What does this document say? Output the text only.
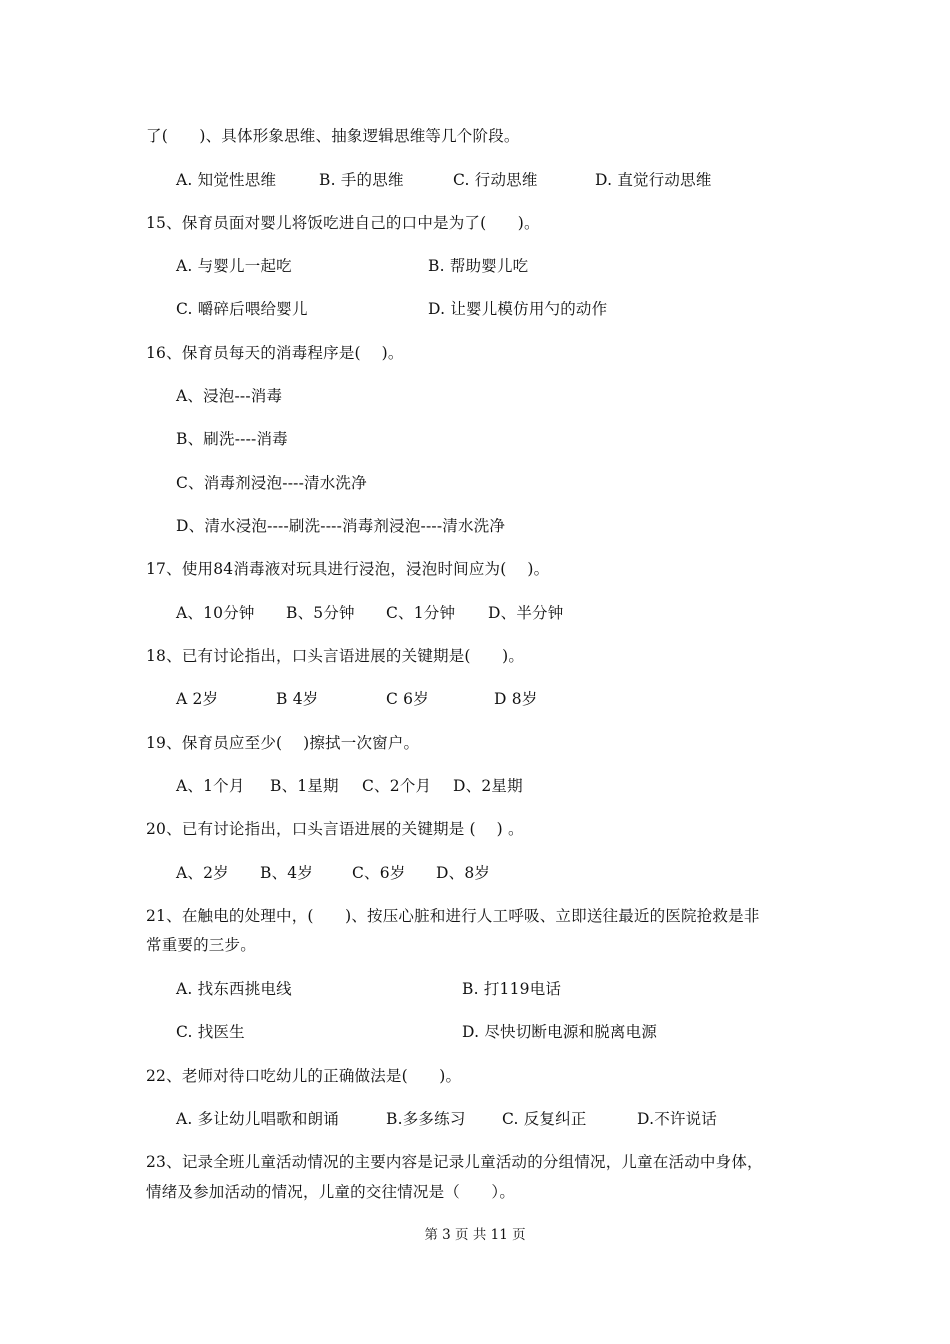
了(　　)、具体形象思维、抽象逻辑思维等几个阶段。
A. 知觉性思维	B. 手的思维	C. 行动思维	D. 直觉行动思维
15、保育员面对婴儿将饭吃进自己的口中是为了(　　)。
A. 与婴儿一起吃	B. 帮助婴儿吃
C. 嚼碎后喂给婴儿	D. 让婴儿模仿用勺的动作
16、保育员每天的消毒程序是(　 )。
A、浸泡---消毒
B、刷洗----消毒
C、消毒剂浸泡----清水洗净
D、清水浸泡----刷洗----消毒剂浸泡----清水洗净
17、使用84消毒液对玩具进行浸泡，浸泡时间应为(　 )。
A、10分钟 B、5分钟 C、1分钟 D、半分钟
18、已有讨论指出，口头言语进展的关键期是(　　)。
A 2岁	B 4岁	C 6岁	D 8岁
19、保育员应至少(　 )擦拭一次窗户。
A、1个月 B、1星期 C、2个月 D、2星期
20、已有讨论指出，口头言语进展的关键期是 (　 ) 。
A、2岁 B、4岁	C、6岁 D、8岁
21、在触电的处理中，(　　)、按压心脏和进行人工呼吸、立即送往最近的医院抢救是非
常重要的三步。
A. 找东西挑电线	B. 打119电话
C. 找医生	D. 尽快切断电源和脱离电源
22、老师对待口吃幼儿的正确做法是(　　)。
A. 多让幼儿唱歌和朗诵	B.多多练习 C. 反复纠正	D.不许说话
23、记录全班儿童活动情况的主要内容是记录儿童活动的分组情况，儿童在活动中身体，
情绪及参加活动的情况，儿童的交往情况是（　　）。
第 3 页 共 11 页
